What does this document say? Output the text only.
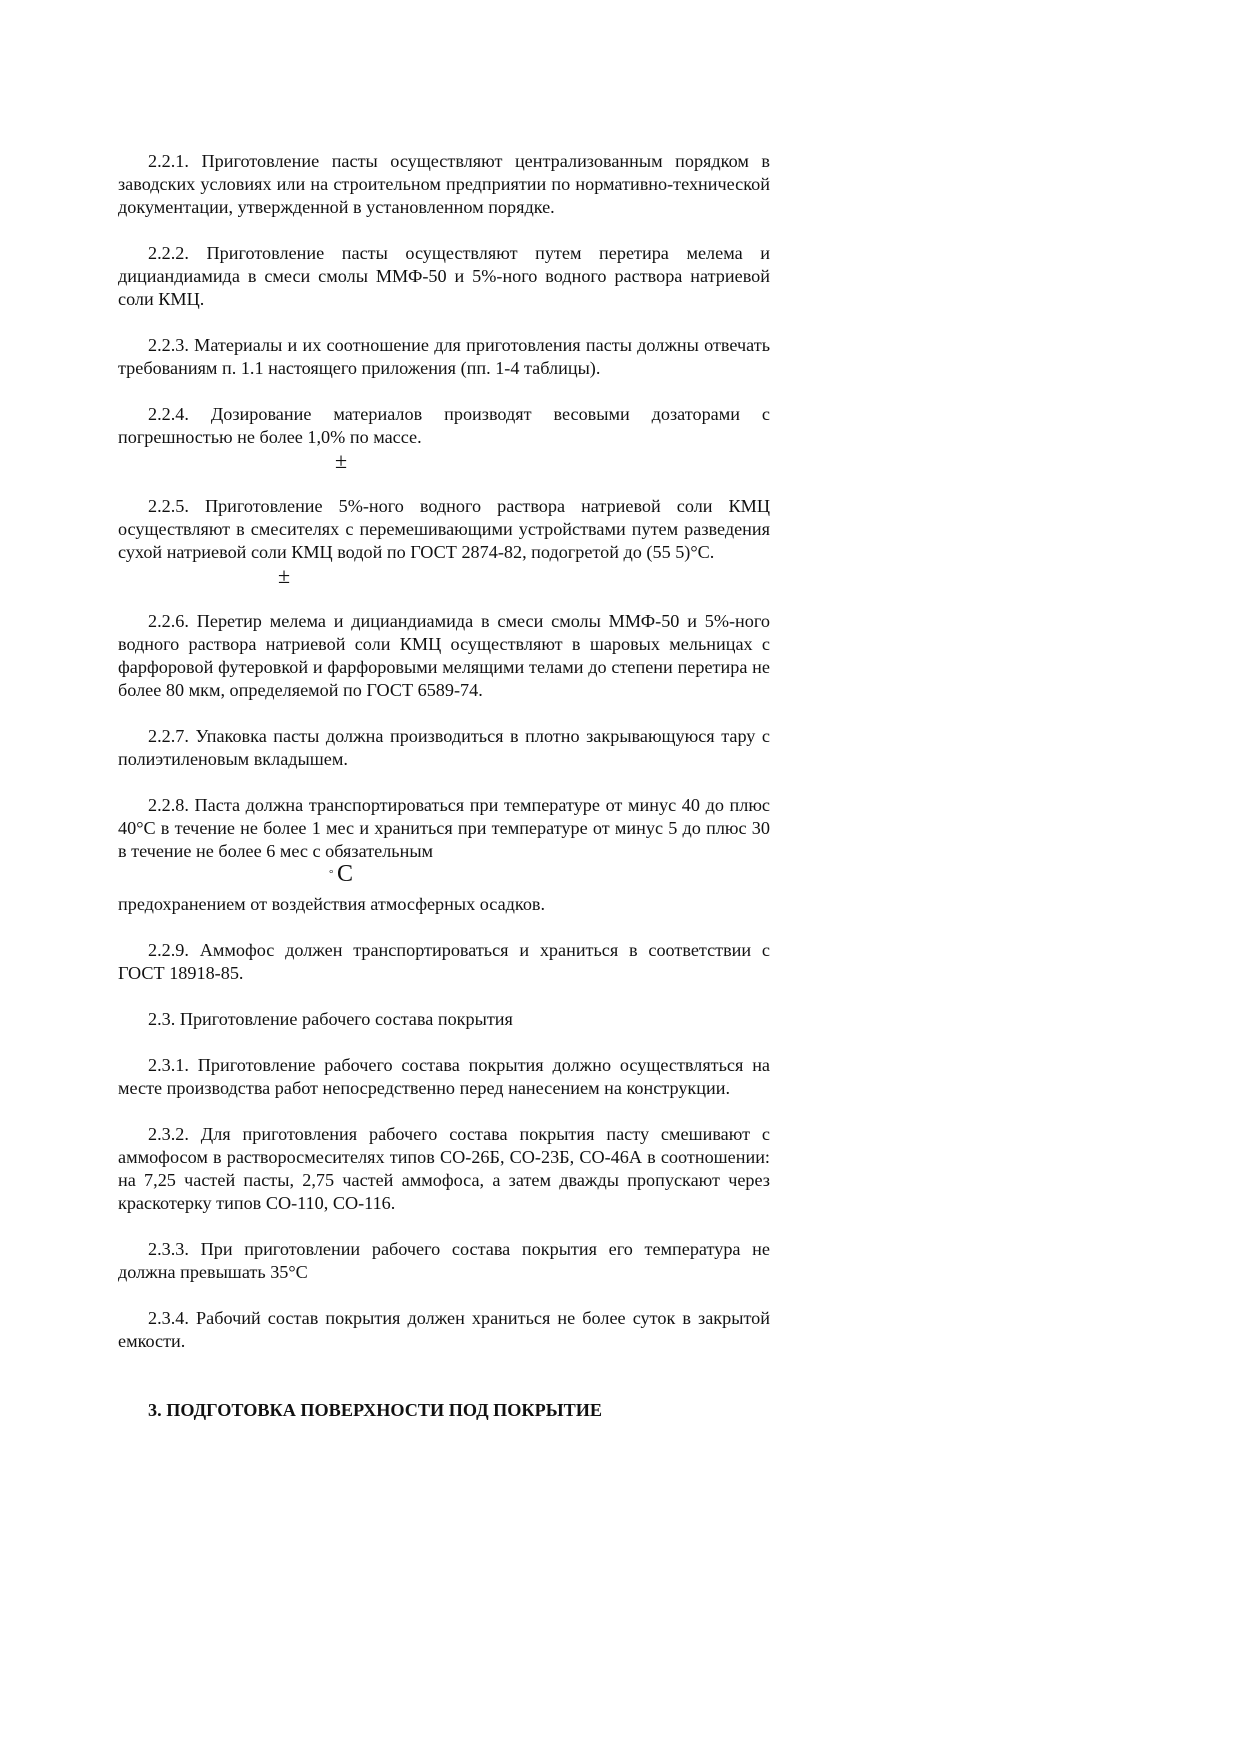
2.2.1. Приготовление пасты осуществляют централизованным порядком в заводских условиях или на строительном предприятии по нормативно-технической документации, утвержденной в установленном порядке.

2.2.2. Приготовление пасты осуществляют путем перетира мелема и дициандиамида в смеси смолы ММФ-50 и 5%-ного водного раствора натриевой соли КМЦ.

2.2.3. Материалы и их соотношение для приготовления пасты должны отвечать требованиям п. 1.1 настоящего приложения (пп. 1-4 таблицы).

2.2.4. Дозирование материалов производят весовыми дозаторами с погрешностью не более 1,0% по массе.

±

2.2.5. Приготовление 5%-ного водного раствора натриевой соли КМЦ осуществляют в смесителях с перемешивающими устройствами путем разведения сухой натриевой соли КМЦ водой по ГОСТ 2874-82, подогретой до (55 5)°С.

±

2.2.6. Перетир мелема и дициандиамида в смеси смолы ММФ-50 и 5%-ного водного раствора натриевой соли КМЦ осуществляют в шаровых мельницах с фарфоровой футеровкой и фарфоровыми мелящими телами до степени перетира не более 80 мкм, определяемой по ГОСТ 6589-74.

2.2.7. Упаковка пасты должна производиться в плотно закрывающуюся тару с полиэтиленовым вкладышем.

2.2.8. Паста должна транспортироваться при температуре от минус 40 до плюс 40°С в течение не более 1 мес и храниться при температуре от минус 5 до плюс 30 в течение не более 6 мес с обязательным

° С

предохранением от воздействия атмосферных осадков.

2.2.9. Аммофос должен транспортироваться и храниться в соответствии с ГОСТ 18918-85.

2.3. Приготовление рабочего состава покрытия

2.3.1. Приготовление рабочего состава покрытия должно осуществляться на месте производства работ непосредственно перед нанесением на конструкции.

2.3.2. Для приготовления рабочего состава покрытия пасту смешивают с аммофосом в растворосмесителях типов СО-26Б, СО-23Б, СО-46А в соотношении: на 7,25 частей пасты, 2,75 частей аммофоса, а затем дважды пропускают через краскотерку типов СО-110, СО-116.

2.3.3. При приготовлении рабочего состава покрытия его температура не должна превышать 35°С

2.3.4. Рабочий состав покрытия должен храниться не более суток в закрытой емкости.

3. ПОДГОТОВКА ПОВЕРХНОСТИ ПОД ПОКРЫТИЕ
